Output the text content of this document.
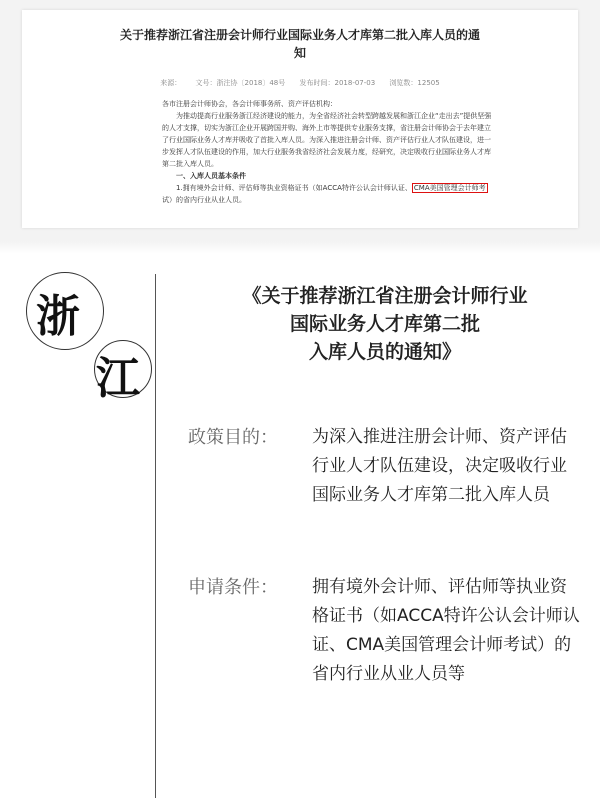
关于推荐浙江省注册会计师行业国际业务人才库第二批入库人员的通
知
来源： 文号：浙注协〔2018〕48号 发布时间：2018-07-03 浏览数：12505

各市注册会计师协会，各会计师事务所、资产评估机构：

为推动提高行业服务浙江经济建设的能力，为全省经济社会转型跨越发展和浙江企业“走出去”提供坚强的人才支撑，切实为浙江企业开展跨国并购、海外上市等提供专业服务支撑，省注册会计师协会于去年建立了行业国际业务人才库并吸收了首批入库人员。为深入推进注册会计师、资产评估行业人才队伍建设，进一步发挥人才队伍建设的作用，加大行业服务我省经济社会发展力度，经研究，决定吸收行业国际业务人才库第二批入库人员。

一、入库人员基本条件

1.拥有境外会计师、评估师等执业资格证书（如ACCA特许公认会计师认证、 CMA美国管理会计师考试）的省内行业从业人员。

浙
江
《关于推荐浙江省注册会计师行业
国际业务人才库第二批
入库人员的通知》
政策目的： 为深入推进注册会计师、资产评估行业人才队伍建设，决定吸收行业国际业务人才库第二批入库人员
申请条件： 拥有境外会计师、评估师等执业资格证书（如ACCA特许公认会计师认证、CMA美国管理会计师考试）的省内行业从业人员等
